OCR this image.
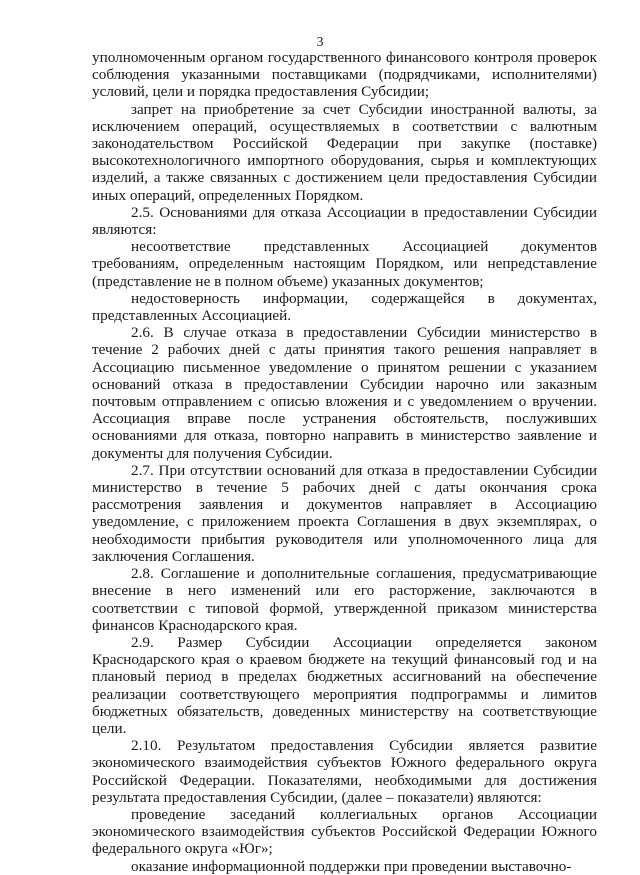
3

уполномоченным органом государственного финансового контроля проверок соблюдения указанными поставщиками (подрядчиками, исполнителями) условий, цели и порядка предоставления Субсидии;

запрет на приобретение за счет Субсидии иностранной валюты, за исключением операций, осуществляемых в соответствии с валютным законодательством Российской Федерации при закупке (поставке) высокотехнологичного импортного оборудования, сырья и комплектующих изделий, а также связанных с достижением цели предоставления Субсидии иных операций, определенных Порядком.

2.5. Основаниями для отказа Ассоциации в предоставлении Субсидии являются:

несоответствие представленных Ассоциацией документов требованиям, определенным настоящим Порядком, или непредставление (представление не в полном объеме) указанных документов;

недостоверность информации, содержащейся в документах, представленных Ассоциацией.

2.6. В случае отказа в предоставлении Субсидии министерство в течение 2 рабочих дней с даты принятия такого решения направляет в Ассоциацию письменное уведомление о принятом решении с указанием оснований отказа в предоставлении Субсидии нарочно или заказным почтовым отправлением с описью вложения и с уведомлением о вручении. Ассоциация вправе после устранения обстоятельств, послуживших основаниями для отказа, повторно направить в министерство заявление и документы для получения Субсидии.

2.7. При отсутствии оснований для отказа в предоставлении Субсидии министерство в течение 5 рабочих дней с даты окончания срока рассмотрения заявления и документов направляет в Ассоциацию уведомление, с приложением проекта Соглашения в двух экземплярах, о необходимости прибытия руководителя или уполномоченного лица для заключения Соглашения.

2.8. Соглашение и дополнительные соглашения, предусматривающие внесение в него изменений или его расторжение, заключаются в соответствии с типовой формой, утвержденной приказом министерства финансов Краснодарского края.

2.9. Размер Субсидии Ассоциации определяется законом Краснодарского края о краевом бюджете на текущий финансовый год и на плановый период в пределах бюджетных ассигнований на обеспечение реализации соответствующего мероприятия подпрограммы и лимитов бюджетных обязательств, доведенных министерству на соответствующие цели.

2.10. Результатом предоставления Субсидии является развитие экономического взаимодействия субъектов Южного федерального округа Российской Федерации. Показателями, необходимыми для достижения результата предоставления Субсидии, (далее – показатели) являются:

проведение заседаний коллегиальных органов Ассоциации экономического взаимодействия субъектов Российской Федерации Южного федерального округа «Юг»;

оказание информационной поддержки при проведении выставочно-
